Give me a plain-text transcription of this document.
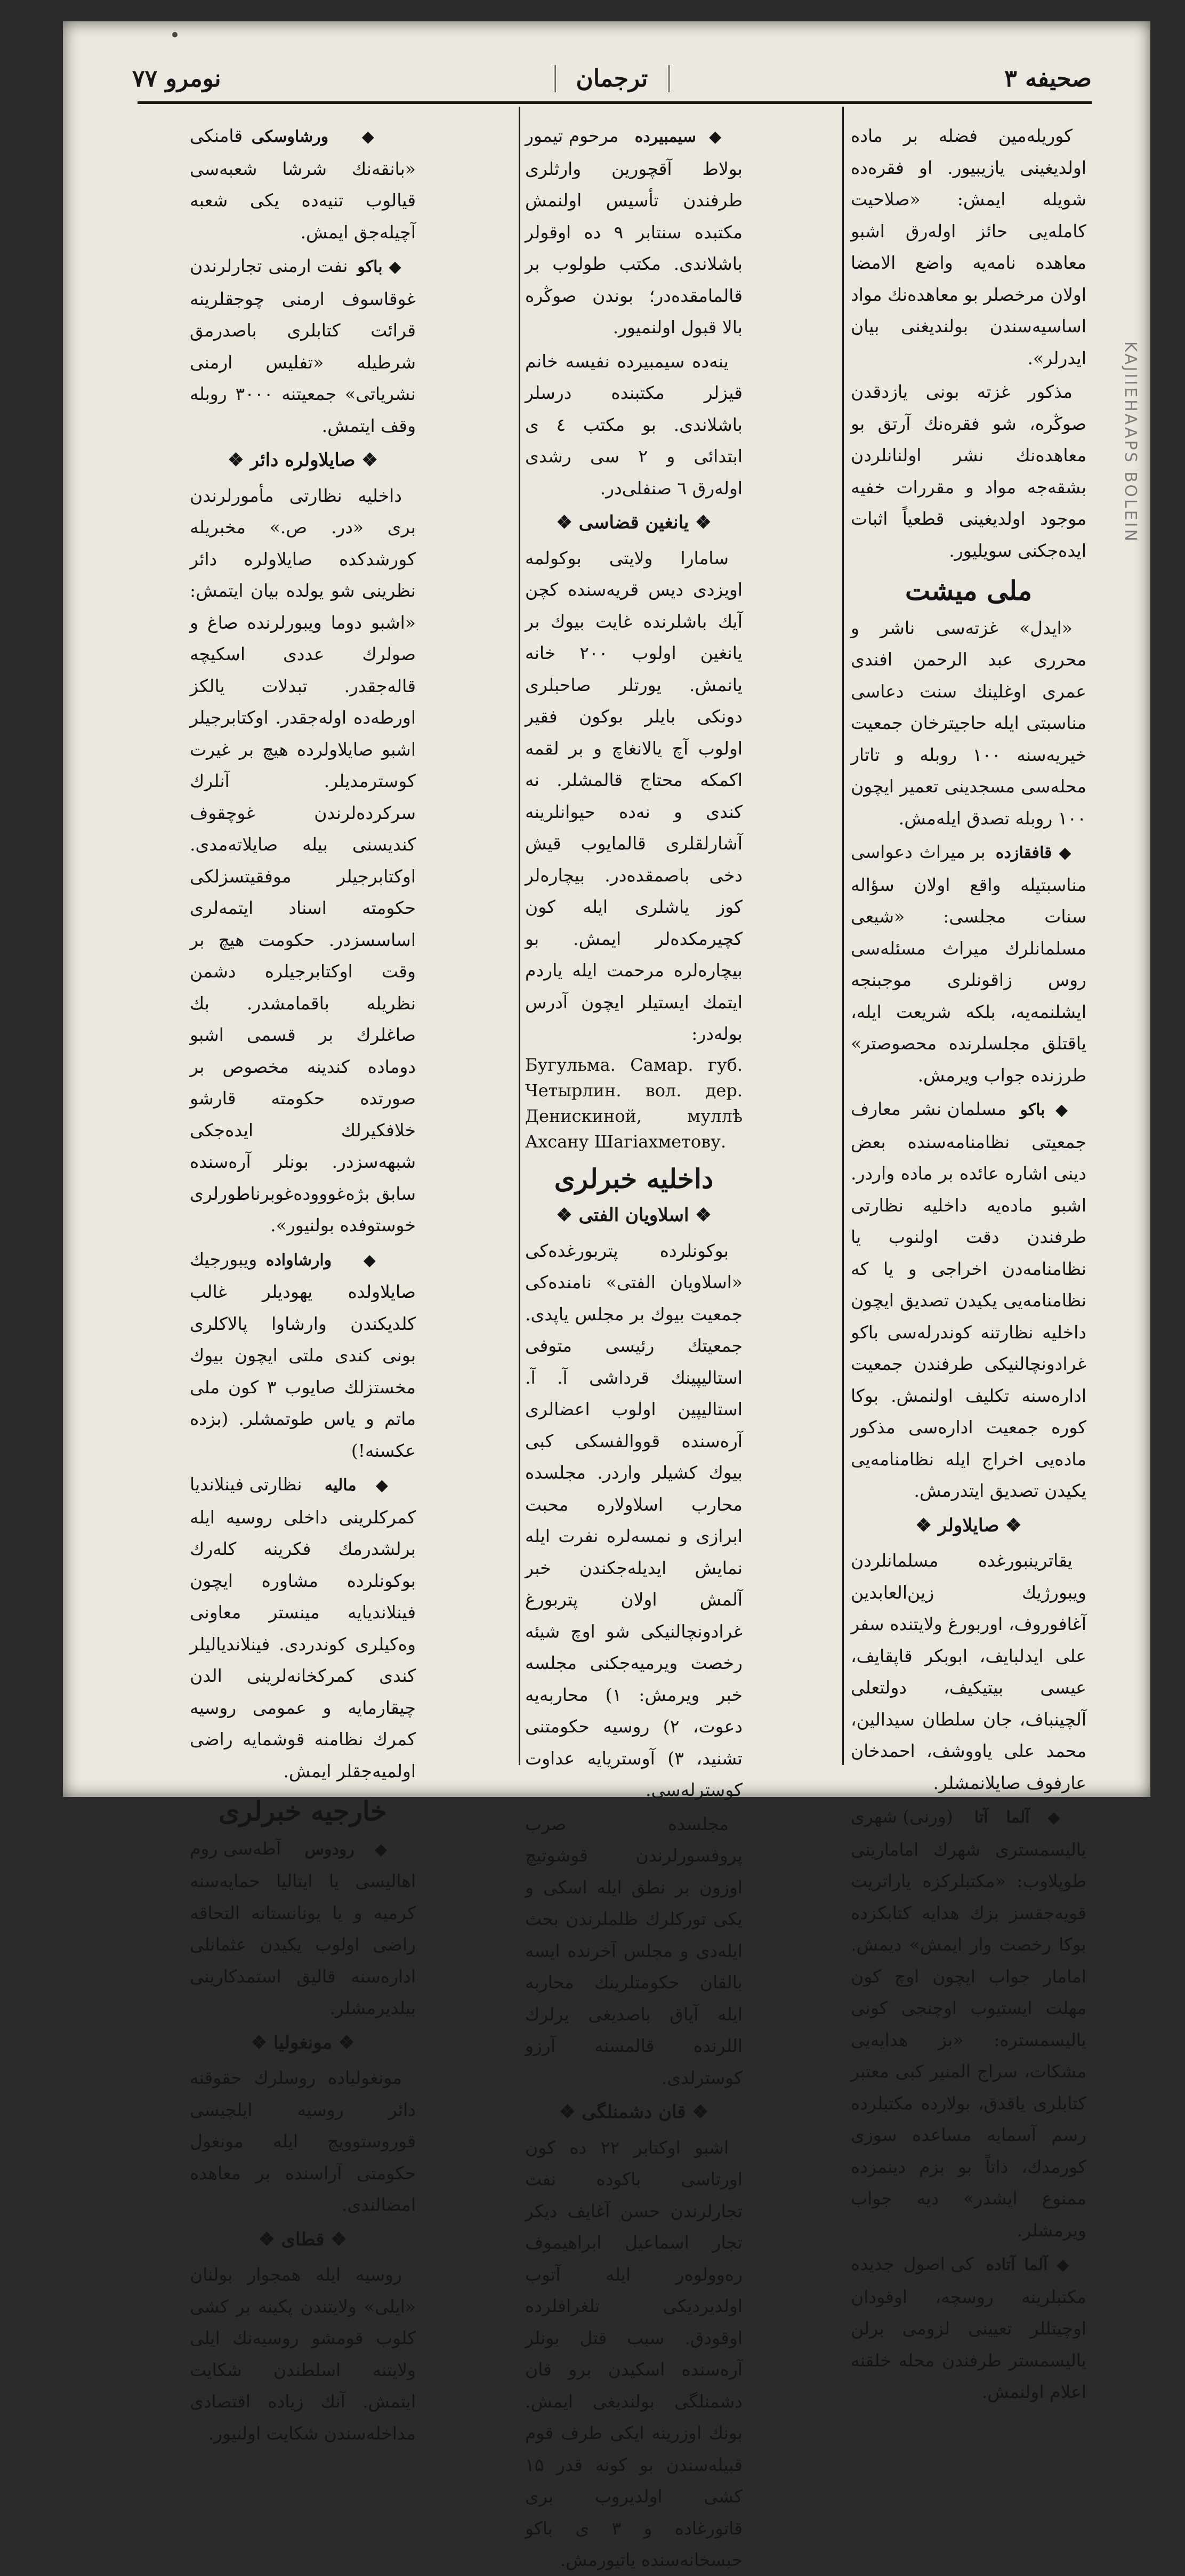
صحیفه ۳
ترجمان
نومرو ۷۷

کوریلەمین فضله بر ماده اولدیغینی یازیبیور. او فقرەده شویله ایمش: «صلاحیت کاملەیی حائز اولەرق اشبو معاهده نامەیه واضع الامضا اولان مرخصلر بو معاهدەنك مواد اساسیەسندن بولندیغنی بیان ایدرلر».

مذکور غزته بونی یازدقدن صوڭرە، شو فقرەنك آرتق بو معاهدەنك نشر اولنانلردن بشقەجه مواد و مقررات خفیه موجود اولدیغینی قطعیاً اثبات ایدەجکنی سویلیور.

ملی میشت

«ایدل» غزتەسی ناشر و محرری عبد الرحمن افندی عمری اوغلینك سنت دعاسی مناسبتی ایله حاجیترخان جمعیت خیریەسنه ۱۰۰ روبله و تاتار محلەسی مسجدینی تعمیر ایچون ۱۰۰ روبله تصدق ایلەمش.

◆ قافقازده بر میراث دعواسی مناسبتیله واقع اولان سؤاله سنات مجلسی: «شیعی مسلمانلرك میراث مسئلەسی روس زاقونلری موجبنجه ایشلنمه‌یه، بلکه شریعت ایله، یاقتلق مجلسلرنده محصوصتر» طرزنده جواب ویرمش.

◆ باکو مسلمان نشر معارف جمعیتی نظامنامەسنده بعض دینی اشاره عائده بر ماده واردر. اشبو مادەیه داخلیه نظارتی طرفندن دقت اولنوب یا نظامنامەدن اخراجی و یا که نظامنامەیی یکیدن تصدیق ایچون داخلیه نظارتنه کوندرلەسی باکو غرادونچالنیکی طرفندن جمعیت ادارەسنه تکلیف اولنمش. بوکا کوره جمعیت ادارەسی مذکور مادەیی اخراج ایله نظامنامەیی یکیدن تصدیق ایتدرمش.

❖ صایلاولر ❖

یقاترینبورغده مسلمانلردن ویبورژیك زین‌العابدین آغافوروف، اوربورغ ولایتنده سفر علی ایدلبایف، ابوبکر قاپقایف، عیسی بیتیکیف، دولتعلی آلچینباف، جان سلطان سیدالین، محمد علی یاووشف، احمدخان عارفوف صایلانمشلر.

◆ آلما آتا (ورنی) شهری یالیسمستری شهرك امامارینی طوپلاوب: «مکتبلرکزه یاراتریت قویەجقسز بزك هدایه کتابکزده بوکا رخصت وار ایمش» دیمش. امامار جواب ایچون اوچ کون مهلت ایستیوب اوچنجی کونی یالیسمستره: «بز هدایەیی مشکات، سراج المنیر کبی معتبر کتابلری یاقدق، بولارده مکتبلرده رسم آسمایه مساعده سوزی کورمدك، ذاتاً بو بزم دینمزده ممنوع ایشدر» دیه جواب ویرمشلر.

◆ آلما آتاده کی اصول جدیده مکتبلرینه روسچه، اوقودان اوچیتللر تعیینی لزومی برلن یالیسمستر طرفندن محله خلقنه اعلام اولنمش.

◆ سیمبیرده مرحوم تیمور بولاط آقچورین وارثلری طرفندن تأسیس اولنمش مکتبده سنتابر ۹ ده اوقولر باشلاندی. مکتب طولوب بر قالمامقده‌در؛ بوندن صوڭره بالا قبول اولنمیور.

ینەده سیمبیرده نفیسه خانم قیزلر مکتبنده درسلر باشلاندی. بو مکتب ٤ ی ابتدائی و ۲ سی رشدی اولەرق ٦ صنفلی‌در.

❖ یانغین قضاسی ❖

سامارا ولایتی بوکولمه اویزدی دیس قریەسنده کچن آیك باشلرنده غایت بیوك بر یانغین اولوب ۲۰۰ خانه یانمش. یورتلر صاحبلری دونکی بایلر بوکون فقیر اولوب آچ یالانغاچ و بر لقمه اکمکه محتاج قالمشلر. نه کندی و نه‌ده حیوانلرینه آشارلقلری قالمایوب قیش دخی باصمقده‌در. بیچارەلر کوز یاشلری ایله کون کچیرمکده‌لر ایمش. بو بیچارەلره مرحمت ایله یاردم ایتمك ایستیلر ایچون آدرس بوله‌در:

Бугульма. Самар. губ. Четырлин. вол. дер. Денискиной, муллѣ Ахсану Шагіахметову.
داخلیه خبرلری
❖ اسلاویان الفتی ❖

بوکونلرده پتربورغده‌کی «اسلاویان الفتی» نامنده‌کی جمعیت بیوك بر مجلس یاپدی. جمعیتك رئیسی متوفی استالیپینك قرداشی آ. آ. استالیپین اولوب اعضالری آرەسنده قووالفسکی کبی بیوك کشیلر واردر. مجلسده محارب اسلاولارە محبت ابرازی و نمسەلرە نفرت ایله نمایش ایدیلەجکندن خبر آلمش اولان پتربورغ غرادونچالنیکی شو اوچ شیئه رخصت ویرمیەجکنی مجلسه خبر ویرمش: ۱) محاربەیه دعوت، ۲) روسیه حکومتنی تشنید، ۳) آوستریایه عداوت کوسترلەسی.

مجلسده صرب پروفسورلرندن قوشوتیچ اوزون بر نطق ایله اسکی و یکی تورکلرك ظلملرندن بحث ایلەدی و مجلس آخرنده ایسه بالقان حکومتلرینك محاربه ایله آیاق باصدیغی یرلرك اللرنده قالمسنه آرزو کوسترلدی.

❖ قان دشمنلگی ❖

اشبو اوکتابر ۲۲ ده کون اورتاسی باکوده نفت تجارلرندن حسن آغایف دیکر تجار اسماعیل ابراهیموف رەوولوەر ایله آتوب اولدیردیکی تلغرافلرده اوقودق. سبب قتل بونلر آره‌سنده اسکیدن برو قان دشمنلگی بولندیغی ایمش. بونك اوزرینه ایکی طرف قوم قبیله‌سندن بو کونه قدر ۱۵ کشی اولدیروب بری قاتورغاده و ۳ ی باکو حبسخانەسنده یاتیورمش.

◆ ورشاوسکی قامنکی «بانقەنك شرشا شعبەسی قیالوب تنیەده یکی شعبه آچیلەجق ایمش.

◆ باکو نفت ارمنی تجارلرندن غوقاسوف ارمنی چوجقلرینه قرائت کتابلری باصدرمق شرطیله «تفلیس ارمنی نشریاتی» جمعیتنه ۳۰۰۰ روبله وقف ایتمش.

❖ صایلاولره دائر ❖

داخلیه نظارتی مأمورلرندن بری «در. ص.» مخبریله کورشدکده صایلاولره دائر نظرینی شو یولده بیان ایتمش: «اشبو دوما ویبورلرنده صاغ و صولرك عددی اسکیچه قالەجقدر. تبدلات یالکز اورطەده اولەجقدر. اوکتابرجیلر اشبو صایلاولرده هیچ بر غیرت کوسترمدیلر. آنلرك سرکردەلرندن غوچقوف کندیسنی بیله صایلاتەمدی. اوکتابرجیلر موفقیتسزلکی حکومته اسناد ایتمەلری اساسسزدر. حکومت هیچ بر وقت اوکتابرجیلره دشمن نظریله باقمامشدر. بك صاغلرك بر قسمی اشبو دوماده کندینه مخصوص بر صورتده حکومته قارشو خلافکیرلك ایدەجکی شبهەسزدر. بونلر آرەسنده سابق بژەغوووده‌غوبرناطورلری خوستوفده بولنیور».

◆ وارشاواده ویبورجیك صایلاولده یهودیلر غالب کلدیکندن وارشاوا پالاکلری بونی کندی ملتی ایچون بیوك مخستزلك صایوب ۳ کون ملی ماتم و یاس طوتمشلر. (بزده عکسنه!)

◆ مالیه نظارتی فینلاندیا کمرکلرینی داخلی روسیه ایله برلشدرمك فکرینه کلەرك بوکونلرده مشاوره ایچون فینلاندیایه مینستر معاونی وەکیلری کوندردی. فینلاندیالیلر کندی کمرکخانەلرینی الدن چیقارمایه و عمومی روسیه کمرك نظامنه قوشمایه راضی اولمیەجقلر ایمش.

خارجیه خبرلری

◆ رودوس آطەسی روم اهالیسی یا ایتالیا حمایەسنه کرمیه و یا یونانستانه التحاقه راضی اولوب یکیدن عثمانلی ادارەسنه قالیق استمدکارینی بیلدیرمشلر.

❖ مونغولیا ❖

مونغولیاده روسلرك حقوقنه دائر روسیه ایلچیسی قوروستوویچ ایله مونغول حکومتی آراسنده بر معاهده امضالندی.

❖ قطای ❖

روسیه ایله همجوار بولنان «ایلی» ولایتندن پکینه بر کشی کلوب قومشو روسیەنك ایلی ولایتنه اسلطندن شکایت ایتمش. آنك زیاده اقتصادی مداخلەسندن شکایت اولنیور.

KAJIIEHAAPS BOLEIN
